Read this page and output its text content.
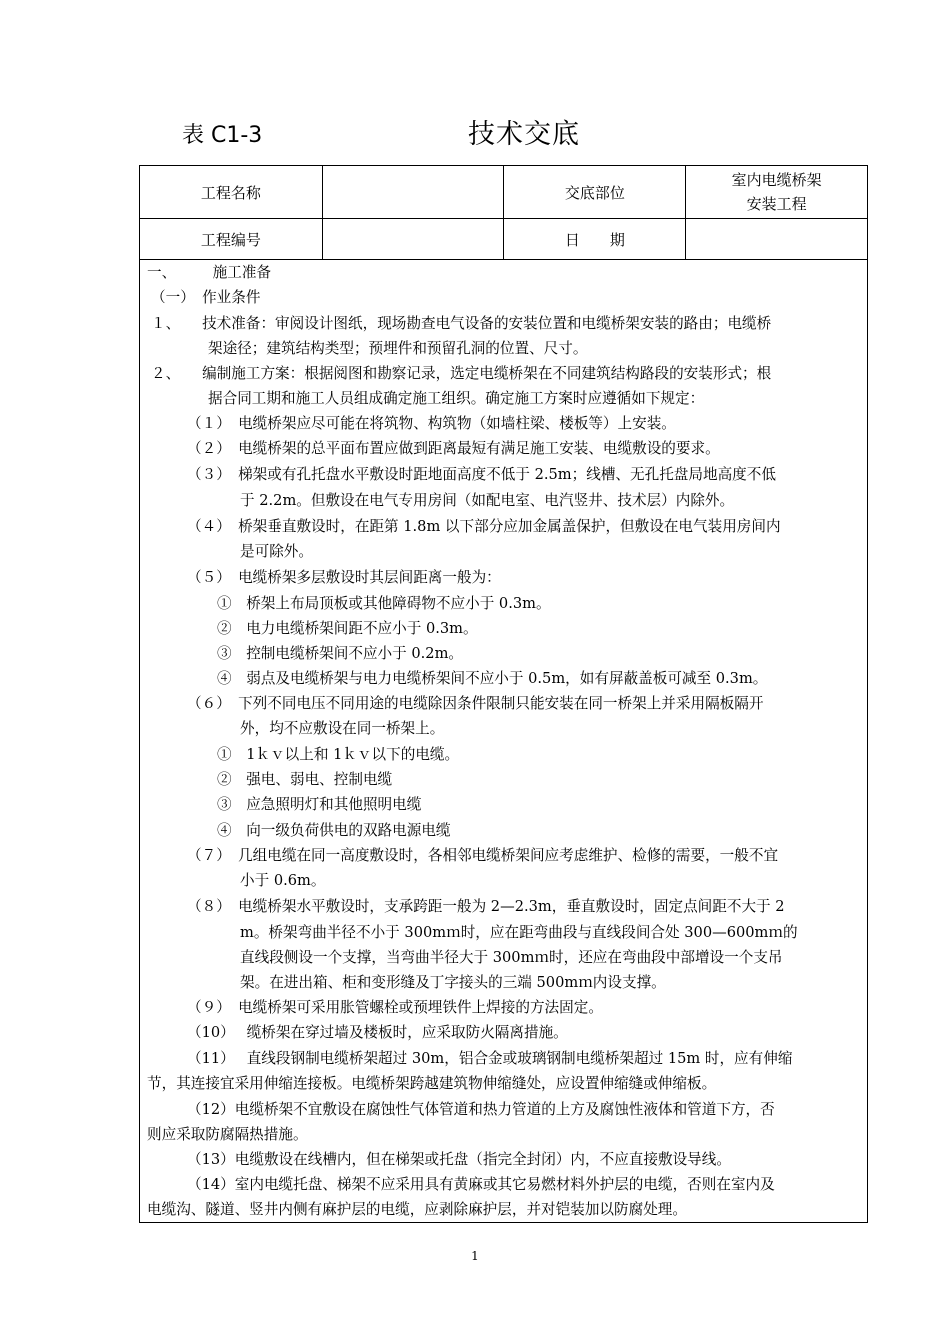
表 C1-3	技术交底
工程名称		交底部位	室内电缆桥架
安装工程

工程编号		日　　期	
一、　　　施工准备
（一）　作业条件
１、　　技术准备：审阅设计图纸，现场勘查电气设备的安装位置和电缆桥架安装的路由；电缆桥
架途径；建筑结构类型；预埋件和预留孔洞的位置、尺寸。
２、　　编制施工方案：根据阅图和勘察记录，选定电缆桥架在不同建筑结构路段的安装形式；根
据合同工期和施工人员组成确定施工组织。确定施工方案时应遵循如下规定：
（１）　电缆桥架应尽可能在将筑物、构筑物（如墙柱梁、楼板等）上安装。
（２）　电缆桥架的总平面布置应做到距离最短有满足施工安装、电缆敷设的要求。
（３）　梯架或有孔托盘水平敷设时距地面高度不低于 2.5m；线槽、无孔托盘局地高度不低
于 2.2m。但敷设在电气专用房间（如配电室、电汽竖井、技术层）内除外。
（４）　桥架垂直敷设时，在距第 1.8m 以下部分应加金属盖保护，但敷设在电气装用房间内
是可除外。
（５）　电缆桥架多层敷设时其层间距离一般为：
①　桥架上布局顶板或其他障碍物不应小于 0.3m。
②　电力电缆桥架间距不应小于 0.3m。
③　控制电缆桥架间不应小于 0.2m。
④　弱点及电缆桥架与电力电缆桥架间不应小于 0.5m，如有屏蔽盖板可减至 0.3m。
（６）　下列不同电压不同用途的电缆除因条件限制只能安装在同一桥架上并采用隔板隔开
外，均不应敷设在同一桥架上。
①　1ｋｖ以上和 1ｋｖ以下的电缆。
②　强电、弱电、控制电缆
③　应急照明灯和其他照明电缆
④　向一级负荷供电的双路电源电缆
（７）　几组电缆在同一高度敷设时，各相邻电缆桥架间应考虑维护、检修的需要，一般不宜
小于 0.6m。
（８）　电缆桥架水平敷设时，支承跨距一般为 2—2.3m，垂直敷设时，固定点间距不大于 2
m。桥架弯曲半径不小于 300mｍ时，应在距弯曲段与直线段间合处 300—600mｍ的
直线段侧设一个支撑，当弯曲半径大于 300mｍ时，还应在弯曲段中部增设一个支吊
架。在进出箱、柜和变形缝及丁字接头的三端 500mｍ内设支撑。
（９）　电缆桥架可采用胀管螺栓或预埋铁件上焊接的方法固定。
（10）　 缆桥架在穿过墙及楼板时，应采取防火隔离措施。
（11）　 直线段钢制电缆桥架超过 30m，铝合金或玻璃钢制电缆桥架超过 15m 时，应有伸缩
节，其连接宜采用伸缩连接板。电缆桥架跨越建筑物伸缩缝处，应设置伸缩缝或伸缩板。
（12）电缆桥架不宜敷设在腐蚀性气体管道和热力管道的上方及腐蚀性液体和管道下方，否
则应采取防腐隔热措施。
（13）电缆敷设在线槽内，但在梯架或托盘（指完全封闭）内，不应直接敷设导线。
（14）室内电缆托盘、梯架不应采用具有黄麻或其它易燃材料外护层的电缆，否则在室内及
电缆沟、隧道、竖井内侧有麻护层的电缆，应剥除麻护层，并对铠装加以防腐处理。
1
